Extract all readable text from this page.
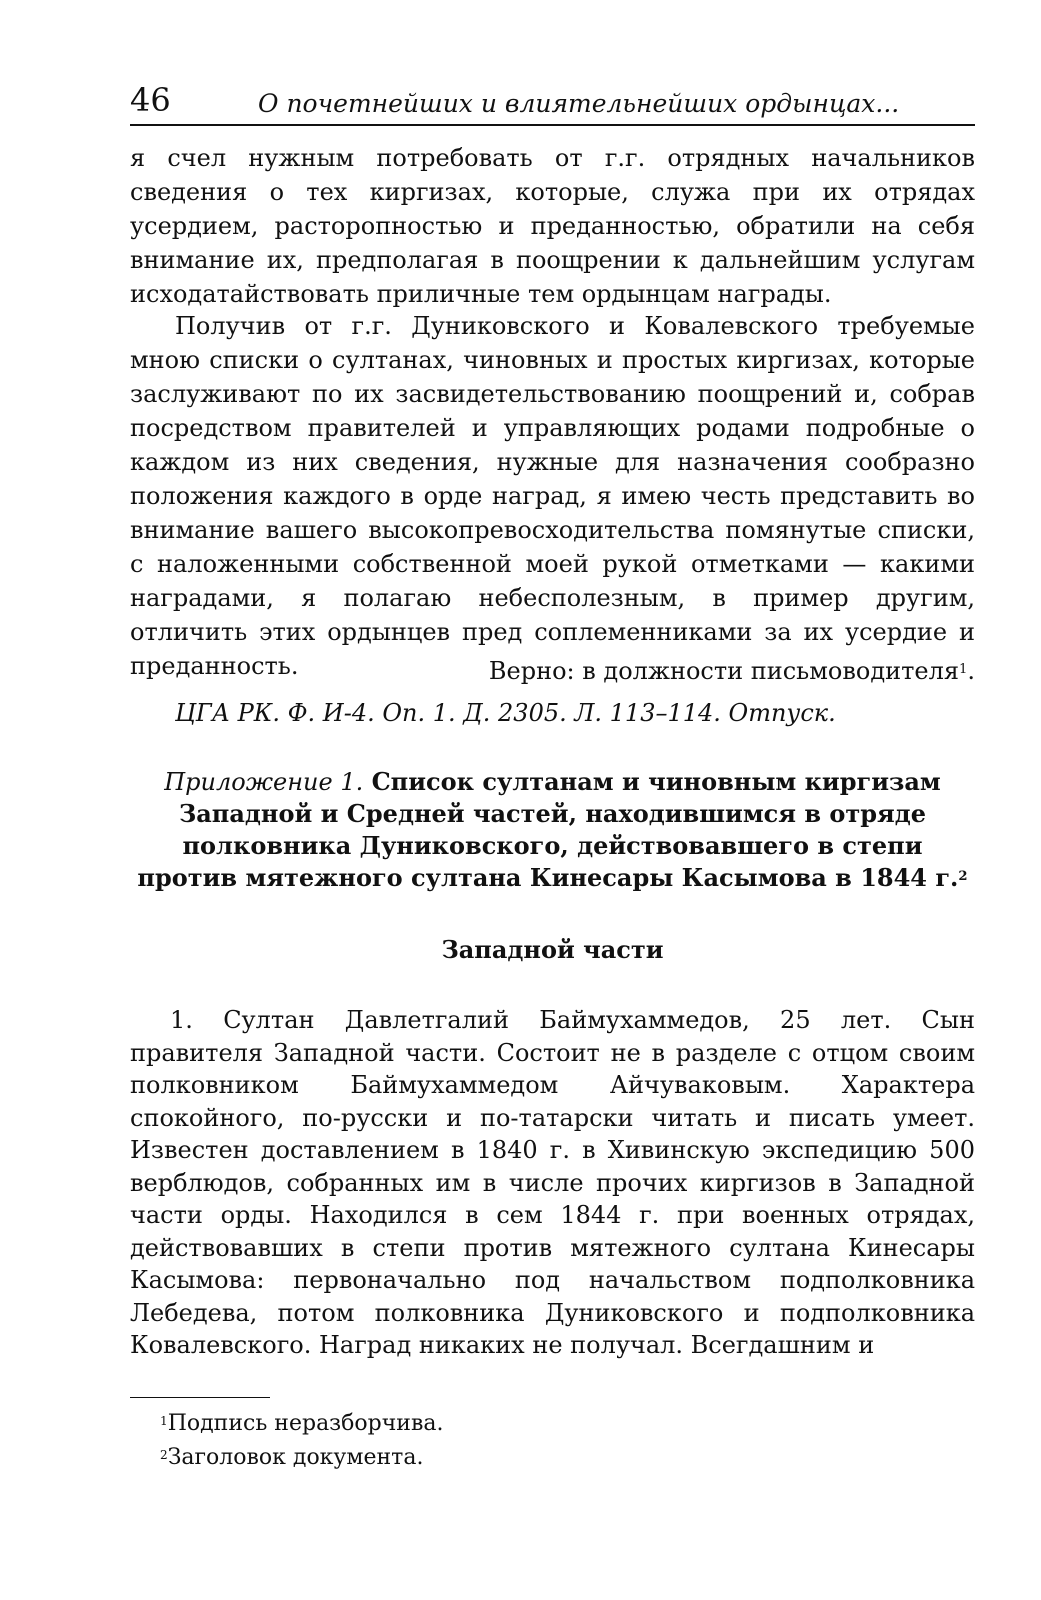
46	О почетнейших и влиятельнейших ордынцах...
я счел нужным потребовать от г.г. отрядных начальников сведения о тех киргизах, которые, служа при их отрядах усердием, расторопностью и преданностью, обратили на себя внимание их, предполагая в поощрении к дальнейшим услугам исходатайствовать приличные тем ордынцам награды.
Получив от г.г. Дуниковского и Ковалевского требуемые мною списки о султанах, чиновных и простых киргизах, которые заслуживают по их засвидетельствованию поощрений и, собрав посредством правителей и управляющих родами подробные о каждом из них сведения, нужные для назначения сообразно положения каждого в орде наград, я имею честь представить во внимание вашего высокопревосходительства помянутые списки, с наложенными собственной моей рукой отметками — какими наградами, я полагаю небесполезным, в пример другим, отличить этих ордынцев пред соплеменниками за их усердие и преданность.	Верно: в должности письмоводителя$^1$.
ЦГА РК. Ф. И-4. Оп. 1. Д. 2305. Л. 113–114. Отпуск.
Приложение 1. Список султанам и чиновным киргизам Западной и Средней частей, находившимся в отряде полковника Дуниковского, действовавшего в степи против мятежного султана Кинесары Касымова в 1844 г.$^2$
Западной части
1. Султан Давлетгалий Баймухаммедов, 25 лет. Сын правителя Западной части. Состоит не в разделе с отцом своим полковником Баймухаммедом Айчуваковым. Характера спокойного, по-русски и по-татарски читать и писать умеет. Известен доставлением в 1840 г. в Хивинскую экспедицию 500 верблюдов, собранных им в числе прочих киргизов в Западной части орды. Находился в сем 1844 г. при военных отрядах, действовавших в степи против мятежного султана Кинесары Касымова: первоначально под начальством подполковника Лебедева, потом полковника Дуниковского и подполковника Ковалевского. Наград никаких не получал. Всегдашним и
$^1$Подпись неразборчива.
$^2$Заголовок документа.
